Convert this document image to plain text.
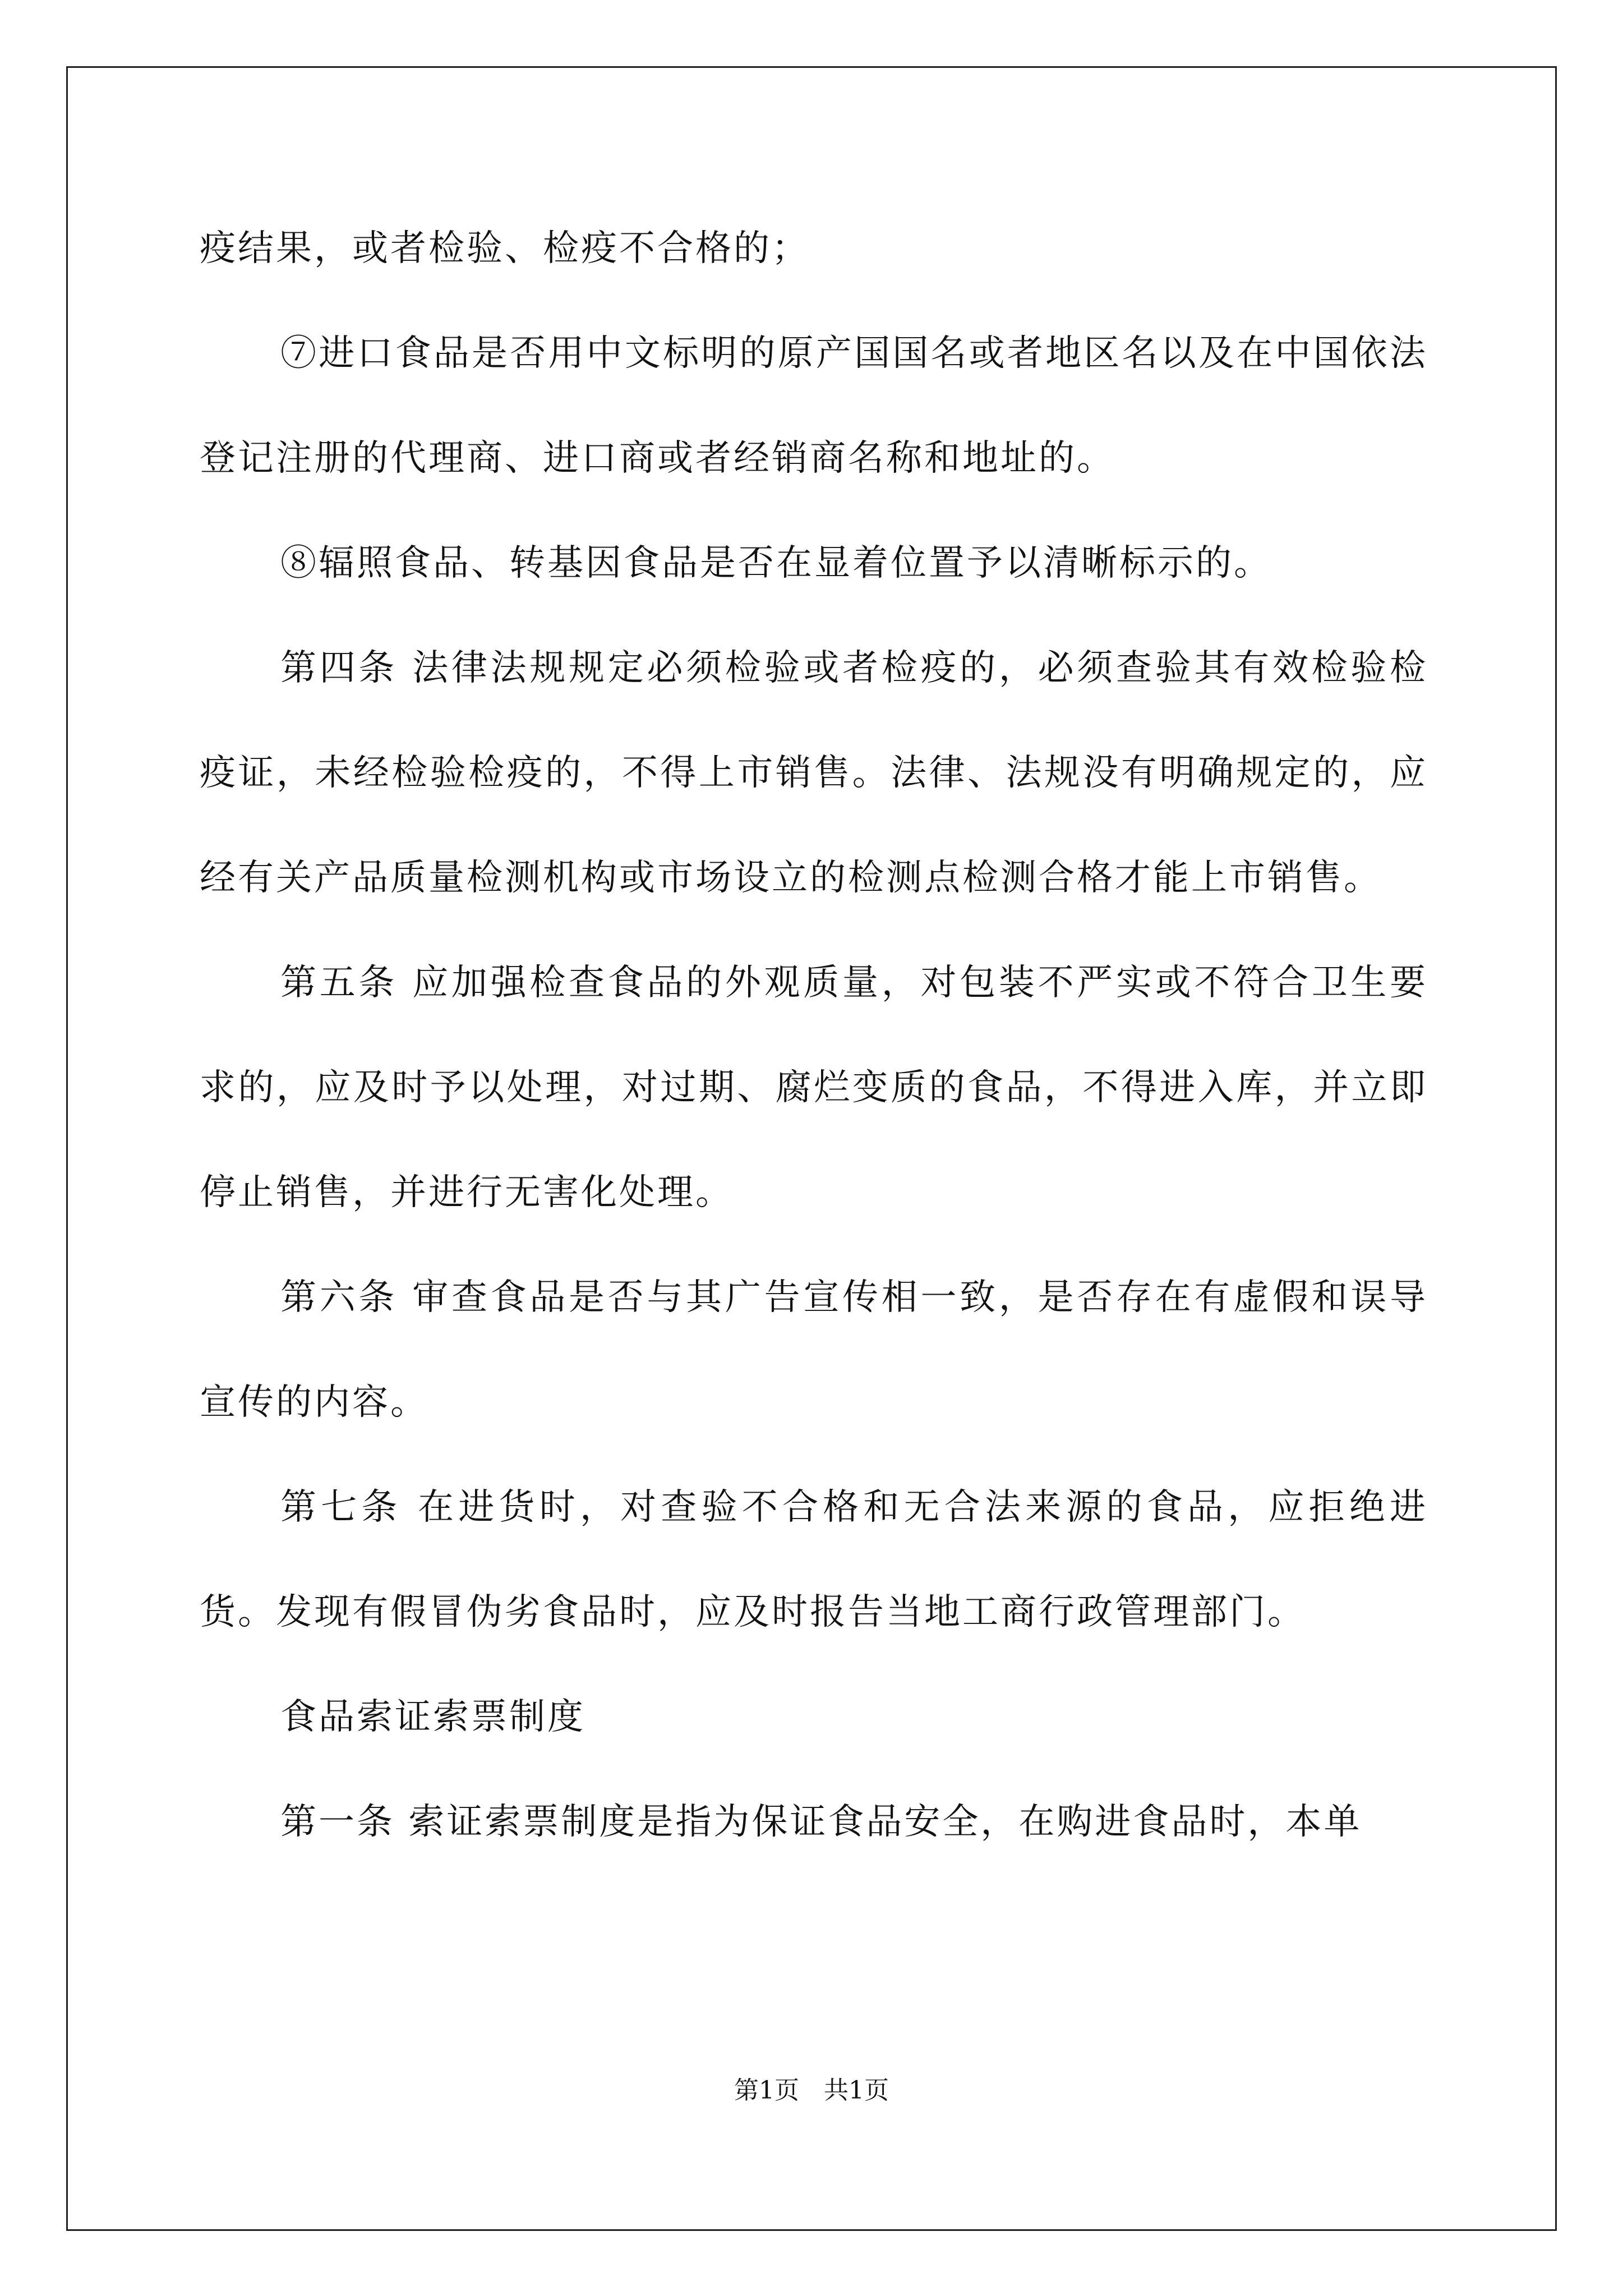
疫结果，或者检验、检疫不合格的；

⑦进口食品是否用中文标明的原产国国名或者地区名以及在中国依法登记注册的代理商、进口商或者经销商名称和地址的。

⑧辐照食品、转基因食品是否在显着位置予以清晰标示的。

第四条 法律法规规定必须检验或者检疫的，必须查验其有效检验检疫证，未经检验检疫的，不得上市销售。法律、法规没有明确规定的，应经有关产品质量检测机构或市场设立的检测点检测合格才能上市销售。

第五条 应加强检查食品的外观质量，对包装不严实或不符合卫生要求的，应及时予以处理，对过期、腐烂变质的食品，不得进入库，并立即停止销售，并进行无害化处理。

第六条 审查食品是否与其广告宣传相一致，是否存在有虚假和误导宣传的内容。

第七条 在进货时，对查验不合格和无合法来源的食品，应拒绝进货。发现有假冒伪劣食品时，应及时报告当地工商行政管理部门。

食品索证索票制度

第一条 索证索票制度是指为保证食品安全，在购进食品时，本单

第1页　共1页
